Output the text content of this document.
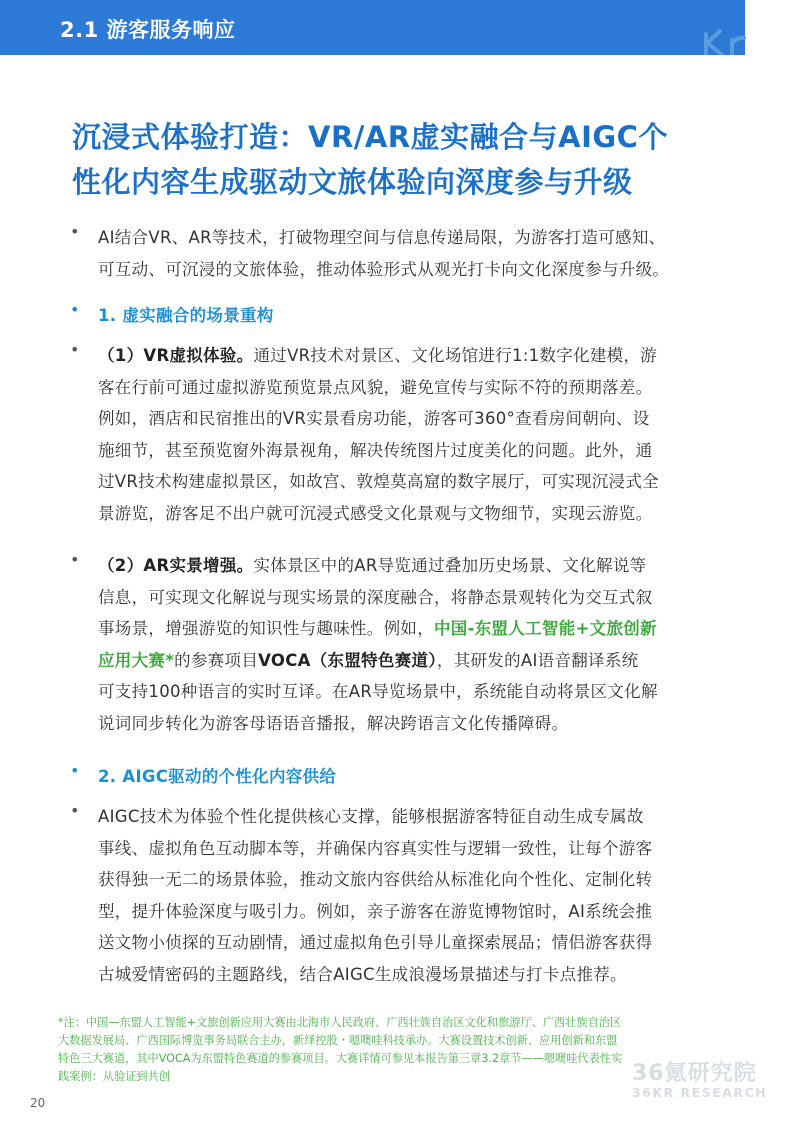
2.1 游客服务响应	36
沉浸式体验打造：VR/AR虚实融合与AIGC个
性化内容生成驱动文旅体验向深度参与升级
• AI结合VR、AR等技术，打破物理空间与信息传递局限，为游客打造可感知、
可互动、可沉浸的文旅体验，推动体验形式从观光打卡向文化深度参与升级。
• 1. 虚实融合的场景重构
• （1）VR虚拟体验。通过VR技术对景区、文化场馆进行1:1数字化建模，游
客在行前可通过虚拟游览预览景点风貌，避免宣传与实际不符的预期落差。
例如，酒店和民宿推出的VR实景看房功能，游客可360°查看房间朝向、设
施细节，甚至预览窗外海景视角，解决传统图片过度美化的问题。此外，通
过VR技术构建虚拟景区，如故宫、敦煌莫高窟的数字展厅，可实现沉浸式全
景游览，游客足不出户就可沉浸式感受文化景观与文物细节，实现云游览。
• （2）AR实景增强。实体景区中的AR导览通过叠加历史场景、文化解说等
信息，可实现文化解说与现实场景的深度融合，将静态景观转化为交互式叙
事场景，增强游览的知识性与趣味性。例如，中国-东盟人工智能+文旅创新
应用大赛*的参赛项目VOCA（东盟特色赛道），其研发的AI语音翻译系统
可支持100种语言的实时互译。在AR导览场景中，系统能自动将景区文化解
说词同步转化为游客母语语音播报，解决跨语言文化传播障碍。
• 2. AIGC驱动的个性化内容供给
• AIGC技术为体验个性化提供核心支撑，能够根据游客特征自动生成专属故
事线、虚拟角色互动脚本等，并确保内容真实性与逻辑一致性，让每个游客
获得独一无二的场景体验，推动文旅内容供给从标准化向个性化、定制化转
型，提升体验深度与吸引力。例如，亲子游客在游览博物馆时，AI系统会推
送文物小侦探的互动剧情，通过虚拟角色引导儿童探索展品；情侣游客获得
古城爱情密码的主题路线，结合AIGC生成浪漫场景描述与打卡点推荐。
*注：中国—东盟人工智能+文旅创新应用大赛由北海市人民政府、广西壮族自治区文化和旅游厅、广西壮族自治区
大数据发展局、广西国际博览事务局联合主办，新绎控股・嗯噢哇科技承办。大赛设置技术创新、应用创新和东盟
特色三大赛道，其中VOCA为东盟特色赛道的参赛项目。大赛详情可参见本报告第三章3.2章节——嗯噢哇代表性实
践案例：从验证到共创	36氪研究院
36KR RESEARCH
20
